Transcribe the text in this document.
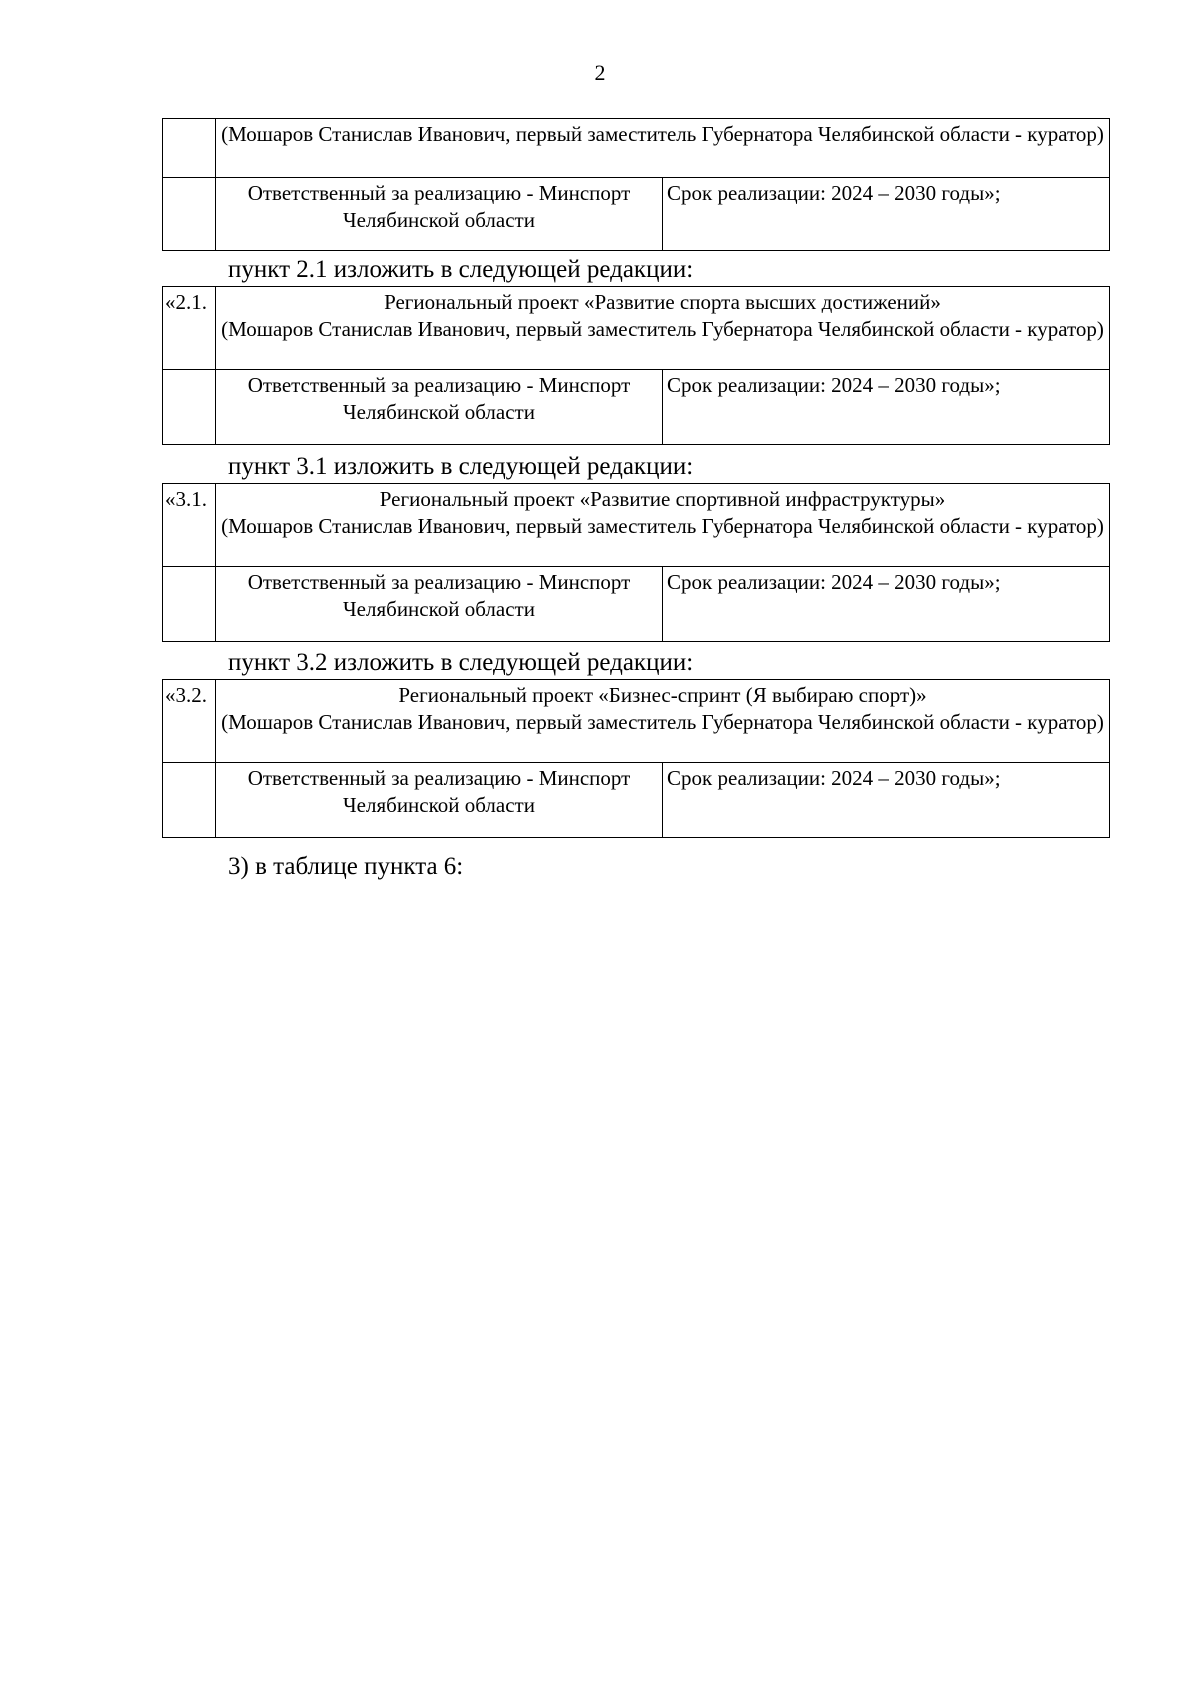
2
	(Мошаров Станислав Иванович, первый заместитель Губернатора Челябинской области - куратор)	
	Ответственный за реализацию - Минспорт Челябинской области	Срок реализации: 2024 – 2030 годы»;
пункт 2.1 изложить в следующей редакции:
«2.1.	Региональный проект «Развитие спорта высших достижений»
(Мошаров Станислав Иванович, первый заместитель Губернатора Челябинской области - куратор)	

	Ответственный за реализацию - Минспорт Челябинской области	Срок реализации: 2024 – 2030 годы»;
пункт 3.1 изложить в следующей редакции:
«3.1.	Региональный проект «Развитие спортивной инфраструктуры»
(Мошаров Станислав Иванович, первый заместитель Губернатора Челябинской области - куратор)	

	Ответственный за реализацию - Минспорт Челябинской области	Срок реализации: 2024 – 2030 годы»;
пункт 3.2 изложить в следующей редакции:
«3.2.	Региональный проект «Бизнес-спринт (Я выбираю спорт)»
(Мошаров Станислав Иванович, первый заместитель Губернатора Челябинской области - куратор)	

	Ответственный за реализацию - Минспорт Челябинской области	Срок реализации: 2024 – 2030 годы»;
3) в таблице пункта 6:
